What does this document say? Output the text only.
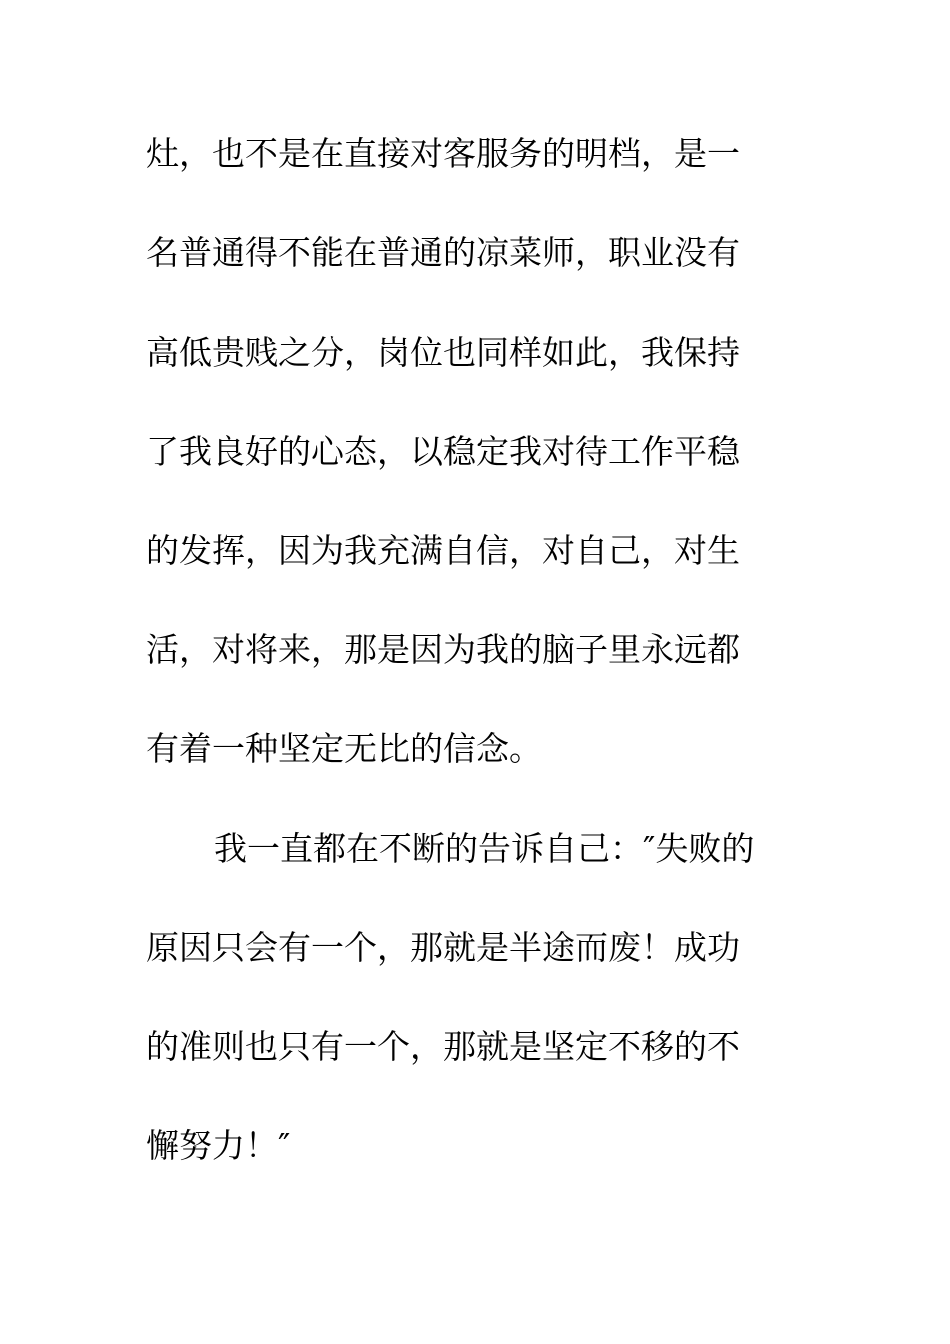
灶，也不是在直接对客服务的明档，是一
名普通得不能在普通的凉菜师，职业没有
高低贵贱之分，岗位也同样如此，我保持
了我良好的心态，以稳定我对待工作平稳
的发挥，因为我充满自信，对自己，对生
活，对将来，那是因为我的脑子里永远都
有着一种坚定无比的信念。
我一直都在不断的告诉自己：″失败的
原因只会有一个，那就是半途而废！成功
的准则也只有一个，那就是坚定不移的不
懈努力！″
